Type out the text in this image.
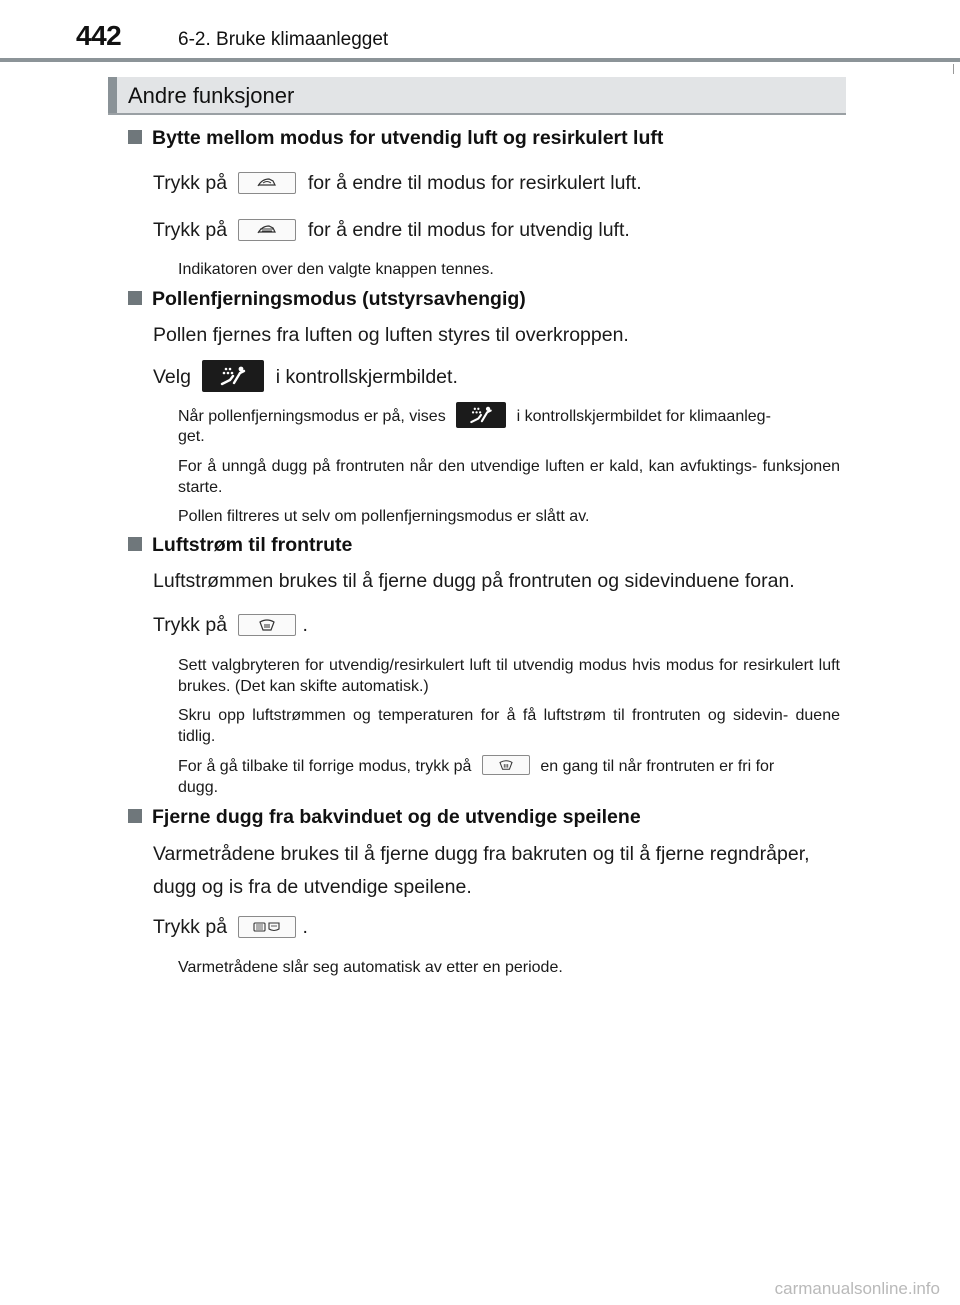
442	6-2. Bruke klimaanlegget
Andre funksjoner
Bytte mellom modus for utvendig luft og resirkulert luft
Trykk på	for å endre til modus for resirkulert luft.
Trykk på	for å endre til modus for utvendig luft.
Indikatoren over den valgte knappen tennes.
Pollenfjerningsmodus (utstyrsavhengig)
Pollen fjernes fra luften og luften styres til overkroppen.
Velg	i kontrollskjermbildet.
Når pollenfjerningsmodus er på, vises	i kontrollskjermbildet for klimaanleg-
get.
For å unngå dugg på frontruten når den utvendige luften er kald, kan avfuktings- funksjonen starte.
Pollen filtreres ut selv om pollenfjerningsmodus er slått av.
Luftstrøm til frontrute
Luftstrømmen brukes til å fjerne dugg på frontruten og sidevinduene foran.
Trykk på	.
Sett valgbryteren for utvendig/resirkulert luft til utvendig modus hvis modus for resirkulert luft brukes. (Det kan skifte automatisk.)
Skru opp luftstrømmen og temperaturen for å få luftstrøm til frontruten og sidevin- duene tidlig.
For å gå tilbake til forrige modus, trykk på	en gang til når frontruten er fri for
dugg.
Fjerne dugg fra bakvinduet og de utvendige speilene
Varmetrådene brukes til å fjerne dugg fra bakruten og til å fjerne regndråper, dugg og is fra de utvendige speilene.
Trykk på	.
Varmetrådene slår seg automatisk av etter en periode.
carmanualsonline.info
